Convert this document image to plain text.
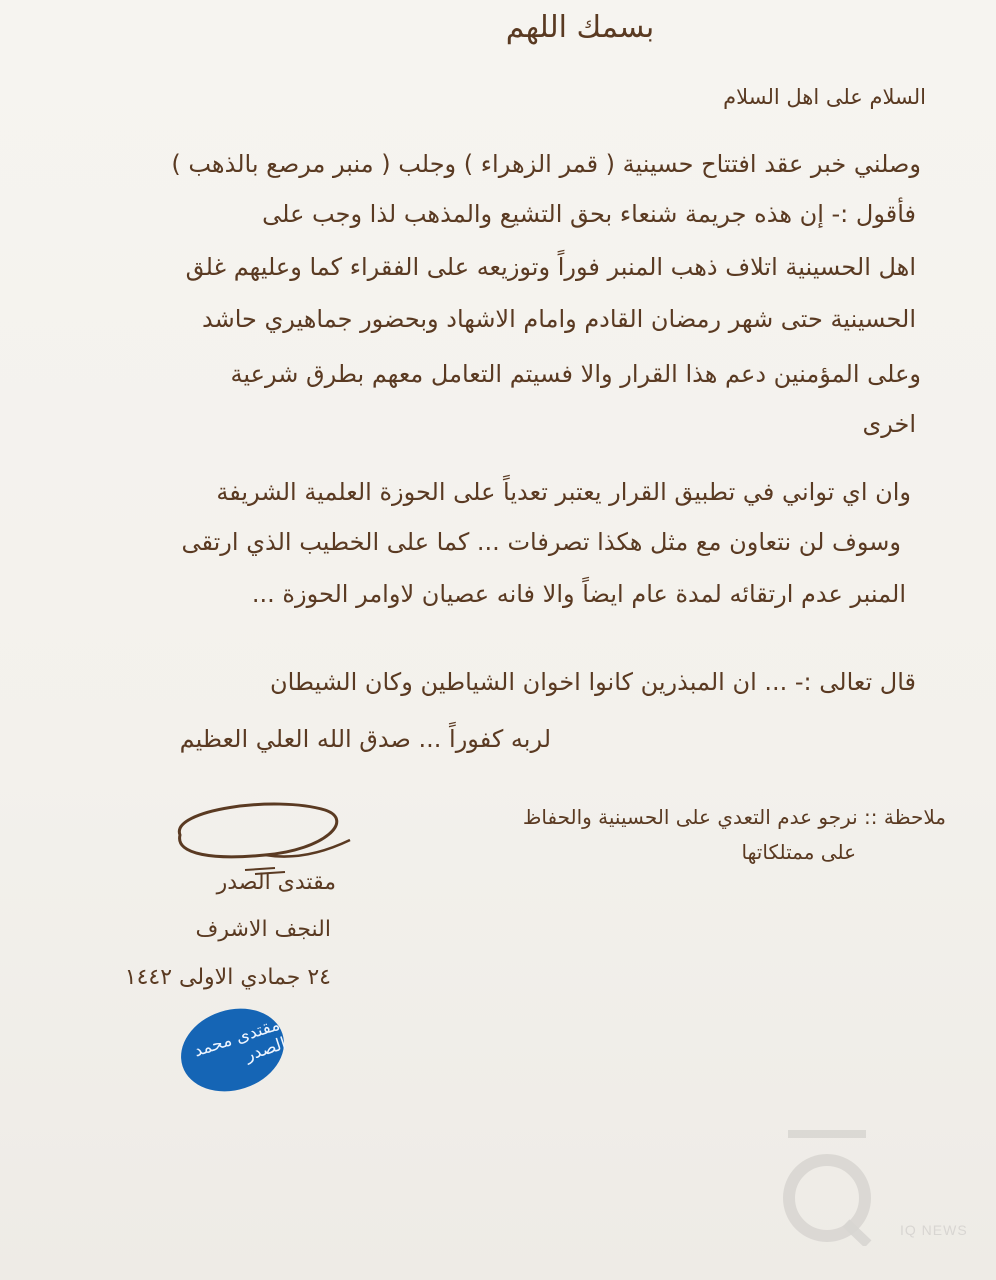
بسمك اللهم
السلام على اهل السلام
وصلني خبر عقد افتتاح حسينية ( قمر الزهراء ) وجلب ( منبر مرصع بالذهب )
فأقول :- إن هذه جريمة شنعاء بحق التشيع والمذهب لذا وجب على
اهل الحسينية اتلاف ذهب المنبر فوراً وتوزيعه على الفقراء كما وعليهم غلق
الحسينية حتى شهر رمضان القادم وامام الاشهاد وبحضور جماهيري حاشد
وعلى المؤمنين دعم هذا القرار والا فسيتم التعامل معهم بطرق شرعية
اخرى
وان اي تواني في تطبيق القرار يعتبر تعدياً على الحوزة العلمية الشريفة
وسوف لن نتعاون مع مثل هكذا تصرفات ... كما على الخطيب الذي ارتقى
المنبر عدم ارتقائه لمدة عام ايضاً والا فانه عصيان لاوامر الحوزة ...
قال تعالى :- ... ان المبذرين كانوا اخوان الشياطين وكان الشيطان
لربه كفوراً ... صدق الله العلي العظيم
ملاحظة :: نرجو عدم التعدي على الحسينية والحفاظ
على ممتلكاتها
مقتدى الصدر
النجف الاشرف
٢٤ جمادي الاولى ١٤٤٢
مقتدى محمد الصدر
IQ NEWS
